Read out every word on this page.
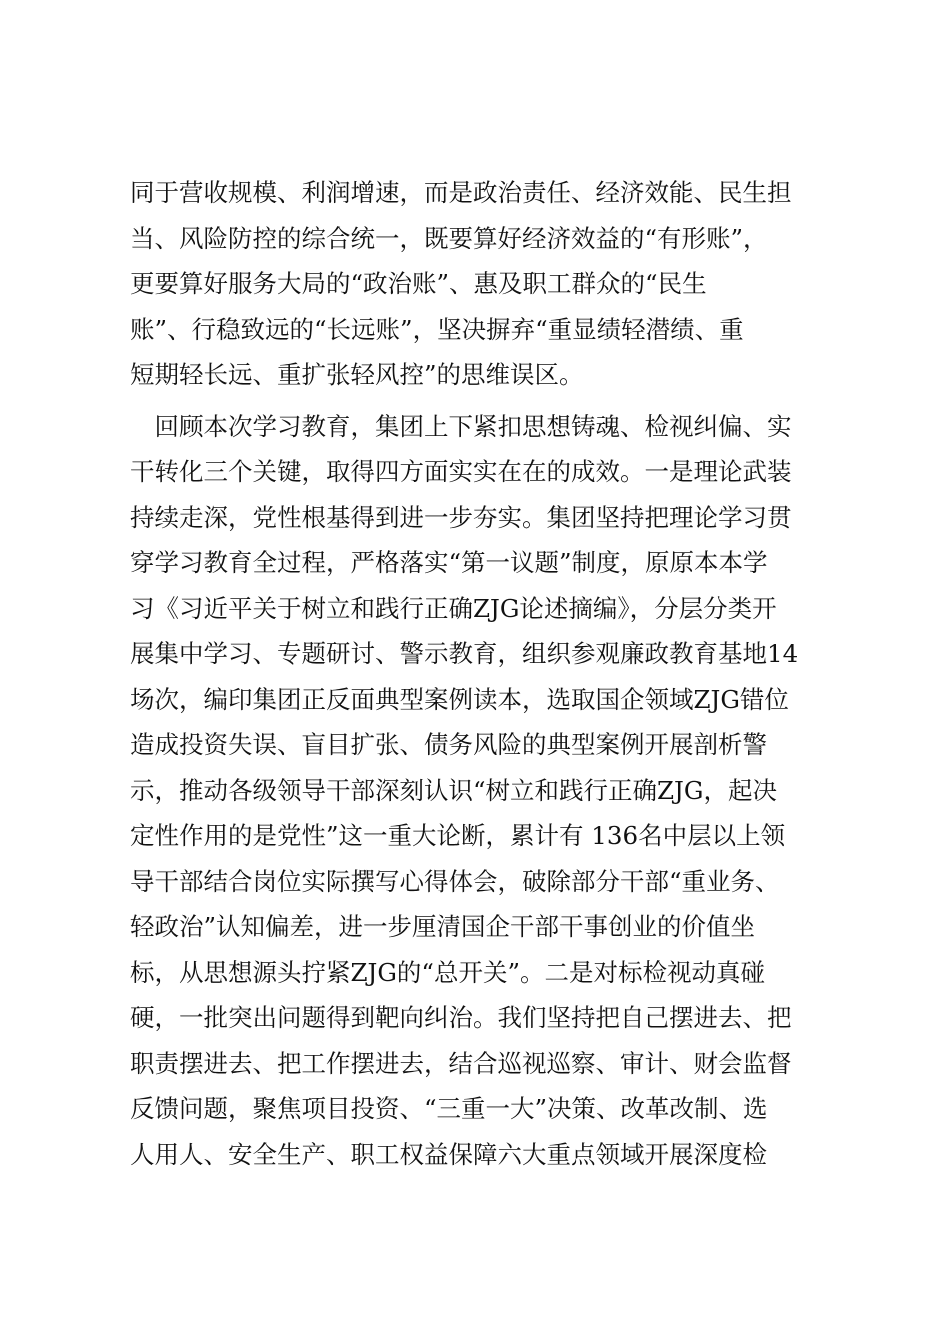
同于营收规模、利润增速，而是政治责任、经济效能、民生担
当、风险防控的综合统一，既要算好经济效益的“有形账”，
更要算好服务大局的“政治账”、惠及职工群众的“民生
账”、行稳致远的“长远账”，坚决摒弃“重显绩轻潜绩、重
短期轻长远、重扩张轻风控”的思维误区。
　回顾本次学习教育，集团上下紧扣思想铸魂、检视纠偏、实
干转化三个关键，取得四方面实实在在的成效。一是理论武装
持续走深，党性根基得到进一步夯实。集团坚持把理论学习贯
穿学习教育全过程，严格落实“第一议题”制度，原原本本学
习《习近平关于树立和践行正确ZJG论述摘编》，分层分类开
展集中学习、专题研讨、警示教育，组织参观廉政教育基地14
场次，编印集团正反面典型案例读本，选取国企领域ZJG错位
造成投资失误、盲目扩张、债务风险的典型案例开展剖析警
示，推动各级领导干部深刻认识“树立和践行正确ZJG，起决
定性作用的是党性”这一重大论断，累计有 136名中层以上领
导干部结合岗位实际撰写心得体会，破除部分干部“重业务、
轻政治”认知偏差，进一步厘清国企干部干事创业的价值坐
标，从思想源头拧紧ZJG的“总开关”。二是对标检视动真碰
硬，一批突出问题得到靶向纠治。我们坚持把自己摆进去、把
职责摆进去、把工作摆进去，结合巡视巡察、审计、财会监督
反馈问题，聚焦项目投资、“三重一大”决策、改革改制、选
人用人、安全生产、职工权益保障六大重点领域开展深度检
